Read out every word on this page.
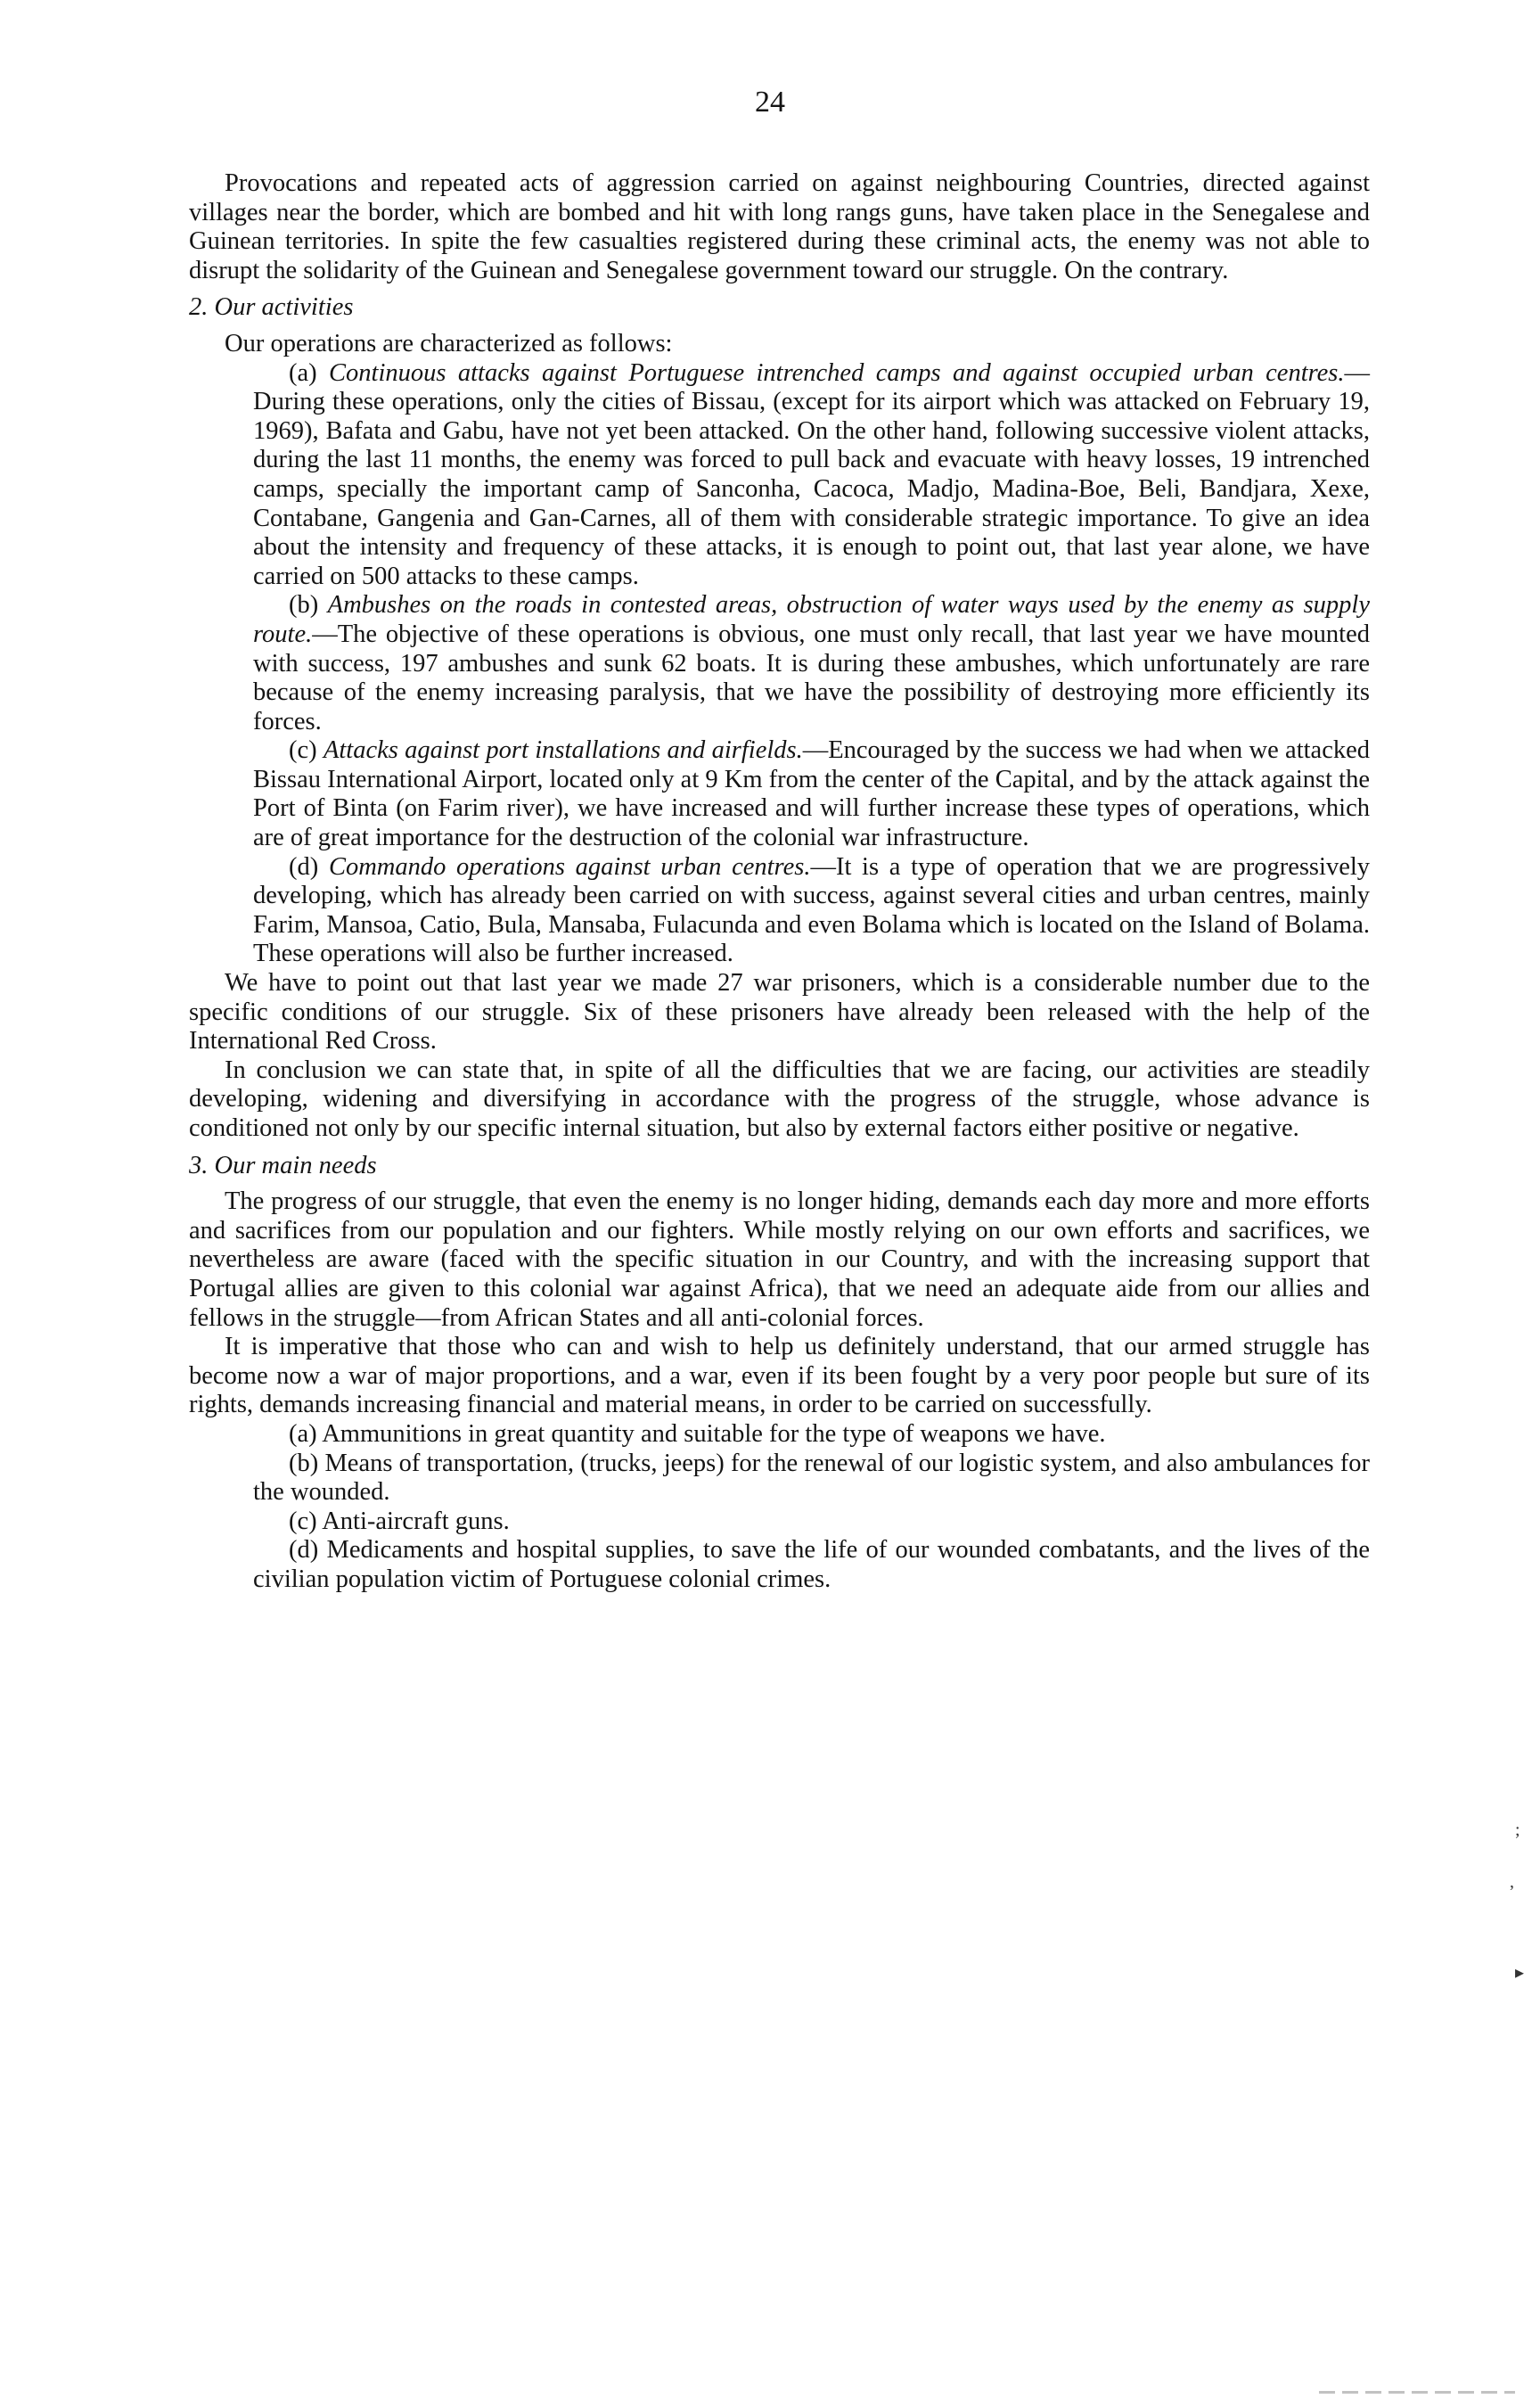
24

Provocations and repeated acts of aggression carried on against neighbouring Countries, directed against villages near the border, which are bombed and hit with long rangs guns, have taken place in the Senegalese and Guinean territories. In spite the few casualties registered during these criminal acts, the enemy was not able to disrupt the solidarity of the Guinean and Senegalese government toward our struggle. On the contrary.

2. Our activities

Our operations are characterized as follows:

(a) Continuous attacks against Portuguese intrenched camps and against occupied urban centres.—During these operations, only the cities of Bissau, (except for its airport which was attacked on February 19, 1969), Bafata and Gabu, have not yet been attacked. On the other hand, following successive violent attacks, during the last 11 months, the enemy was forced to pull back and evacuate with heavy losses, 19 intrenched camps, specially the important camp of Sanconha, Cacoca, Madjo, Madina-Boe, Beli, Bandjara, Xexe, Contabane, Gangenia and Gan-Carnes, all of them with considerable strategic importance. To give an idea about the intensity and frequency of these attacks, it is enough to point out, that last year alone, we have carried on 500 attacks to these camps.

(b) Ambushes on the roads in contested areas, obstruction of water ways used by the enemy as supply route.—The objective of these operations is obvious, one must only recall, that last year we have mounted with success, 197 ambushes and sunk 62 boats. It is during these ambushes, which unfortunately are rare because of the enemy increasing paralysis, that we have the possibility of destroying more efficiently its forces.

(c) Attacks against port installations and airfields.—Encouraged by the success we had when we attacked Bissau International Airport, located only at 9 Km from the center of the Capital, and by the attack against the Port of Binta (on Farim river), we have increased and will further increase these types of operations, which are of great importance for the destruction of the colonial war infrastructure.

(d) Commando operations against urban centres.—It is a type of operation that we are progressively developing, which has already been carried on with success, against several cities and urban centres, mainly Farim, Mansoa, Catio, Bula, Mansaba, Fulacunda and even Bolama which is located on the Island of Bolama. These operations will also be further increased.

We have to point out that last year we made 27 war prisoners, which is a considerable number due to the specific conditions of our struggle. Six of these prisoners have already been released with the help of the International Red Cross.

In conclusion we can state that, in spite of all the difficulties that we are facing, our activities are steadily developing, widening and diversifying in accordance with the progress of the struggle, whose advance is conditioned not only by our specific internal situation, but also by external factors either positive or negative.

3. Our main needs

The progress of our struggle, that even the enemy is no longer hiding, demands each day more and more efforts and sacrifices from our population and our fighters. While mostly relying on our own efforts and sacrifices, we nevertheless are aware (faced with the specific situation in our Country, and with the increasing support that Portugal allies are given to this colonial war against Africa), that we need an adequate aide from our allies and fellows in the struggle—from African States and all anti-colonial forces.

It is imperative that those who can and wish to help us definitely understand, that our armed struggle has become now a war of major proportions, and a war, even if its been fought by a very poor people but sure of its rights, demands increasing financial and material means, in order to be carried on successfully.

(a) Ammunitions in great quantity and suitable for the type of weapons we have.

(b) Means of transportation, (trucks, jeeps) for the renewal of our logistic system, and also ambulances for the wounded.

(c) Anti-aircraft guns.

(d) Medicaments and hospital supplies, to save the life of our wounded combatants, and the lives of the civilian population victim of Portuguese colonial crimes.

;
,
▸
